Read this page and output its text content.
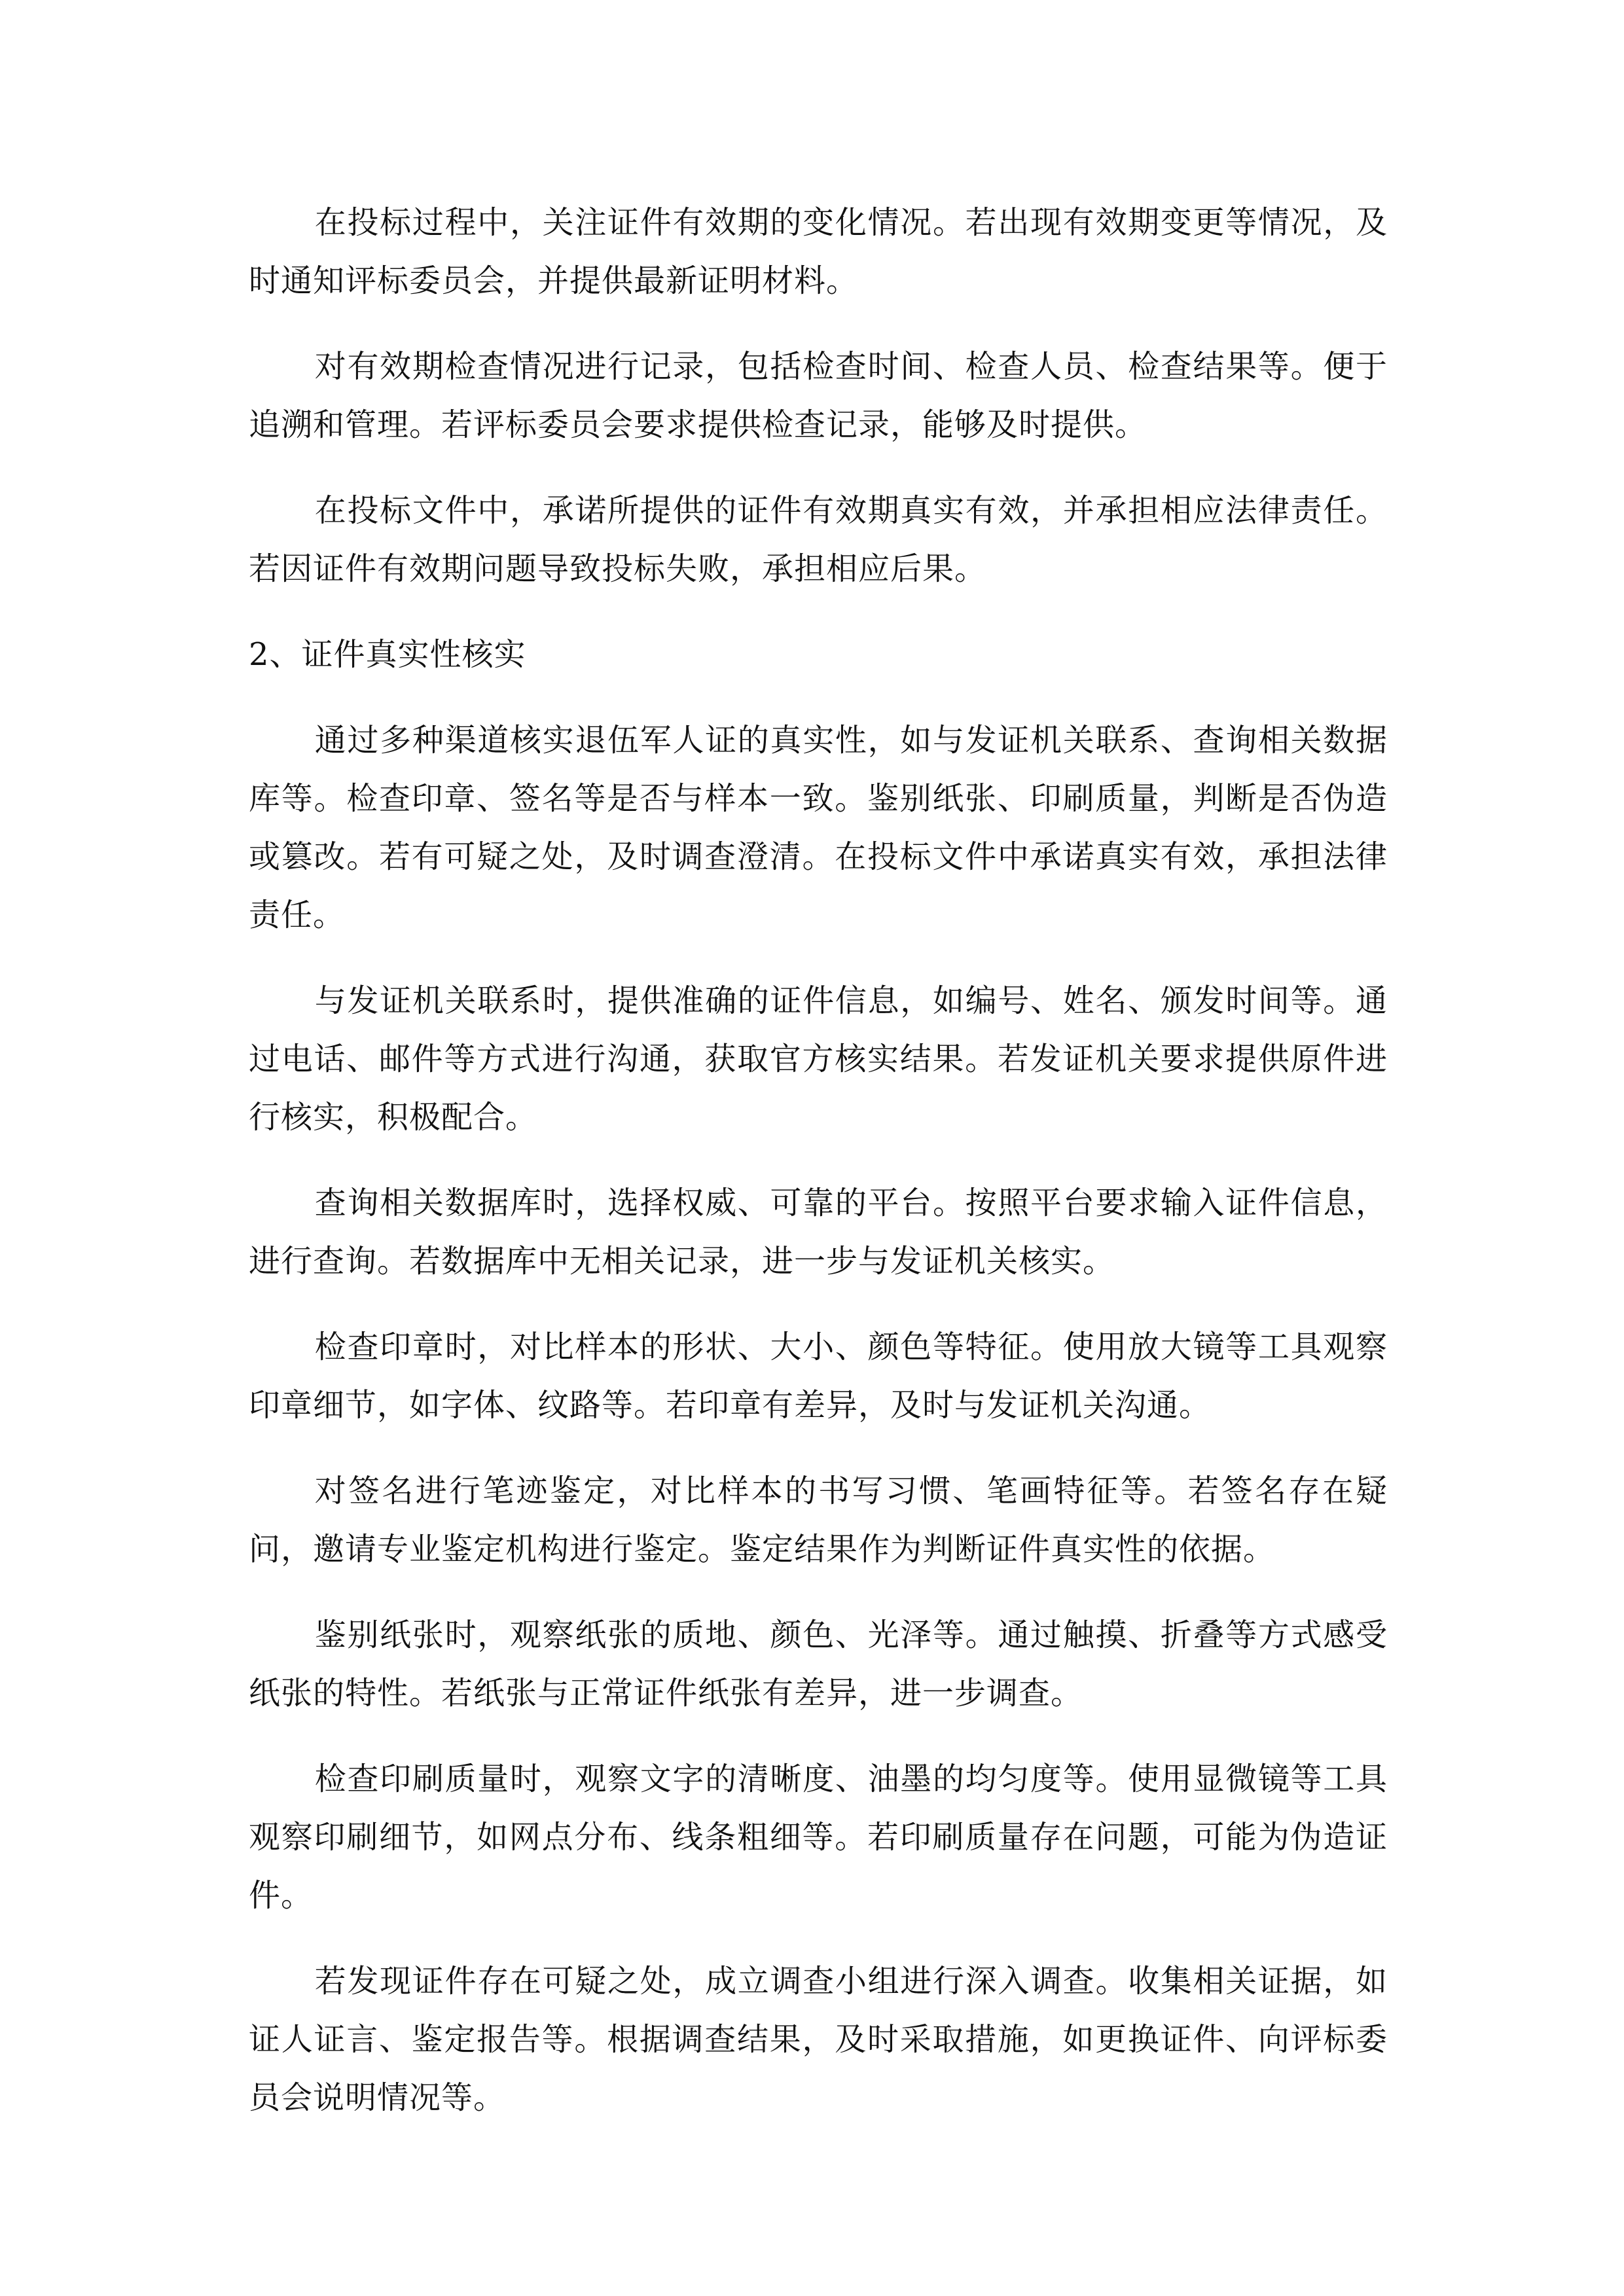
在投标过程中，关注证件有效期的变化情况。若出现有效期变更等情况，及时通知评标委员会，并提供最新证明材料。

对有效期检查情况进行记录，包括检查时间、检查人员、检查结果等。便于追溯和管理。若评标委员会要求提供检查记录，能够及时提供。

在投标文件中，承诺所提供的证件有效期真实有效，并承担相应法律责任。若因证件有效期问题导致投标失败，承担相应后果。

2、证件真实性核实

通过多种渠道核实退伍军人证的真实性，如与发证机关联系、查询相关数据库等。检查印章、签名等是否与样本一致。鉴别纸张、印刷质量，判断是否伪造或篡改。若有可疑之处，及时调查澄清。在投标文件中承诺真实有效，承担法律责任。

与发证机关联系时，提供准确的证件信息，如编号、姓名、颁发时间等。通过电话、邮件等方式进行沟通，获取官方核实结果。若发证机关要求提供原件进行核实，积极配合。

查询相关数据库时，选择权威、可靠的平台。按照平台要求输入证件信息，进行查询。若数据库中无相关记录，进一步与发证机关核实。

检查印章时，对比样本的形状、大小、颜色等特征。使用放大镜等工具观察印章细节，如字体、纹路等。若印章有差异，及时与发证机关沟通。

对签名进行笔迹鉴定，对比样本的书写习惯、笔画特征等。若签名存在疑问，邀请专业鉴定机构进行鉴定。鉴定结果作为判断证件真实性的依据。

鉴别纸张时，观察纸张的质地、颜色、光泽等。通过触摸、折叠等方式感受纸张的特性。若纸张与正常证件纸张有差异，进一步调查。

检查印刷质量时，观察文字的清晰度、油墨的均匀度等。使用显微镜等工具观察印刷细节，如网点分布、线条粗细等。若印刷质量存在问题，可能为伪造证件。

若发现证件存在可疑之处，成立调查小组进行深入调查。收集相关证据，如证人证言、鉴定报告等。根据调查结果，及时采取措施，如更换证件、向评标委员会说明情况等。
